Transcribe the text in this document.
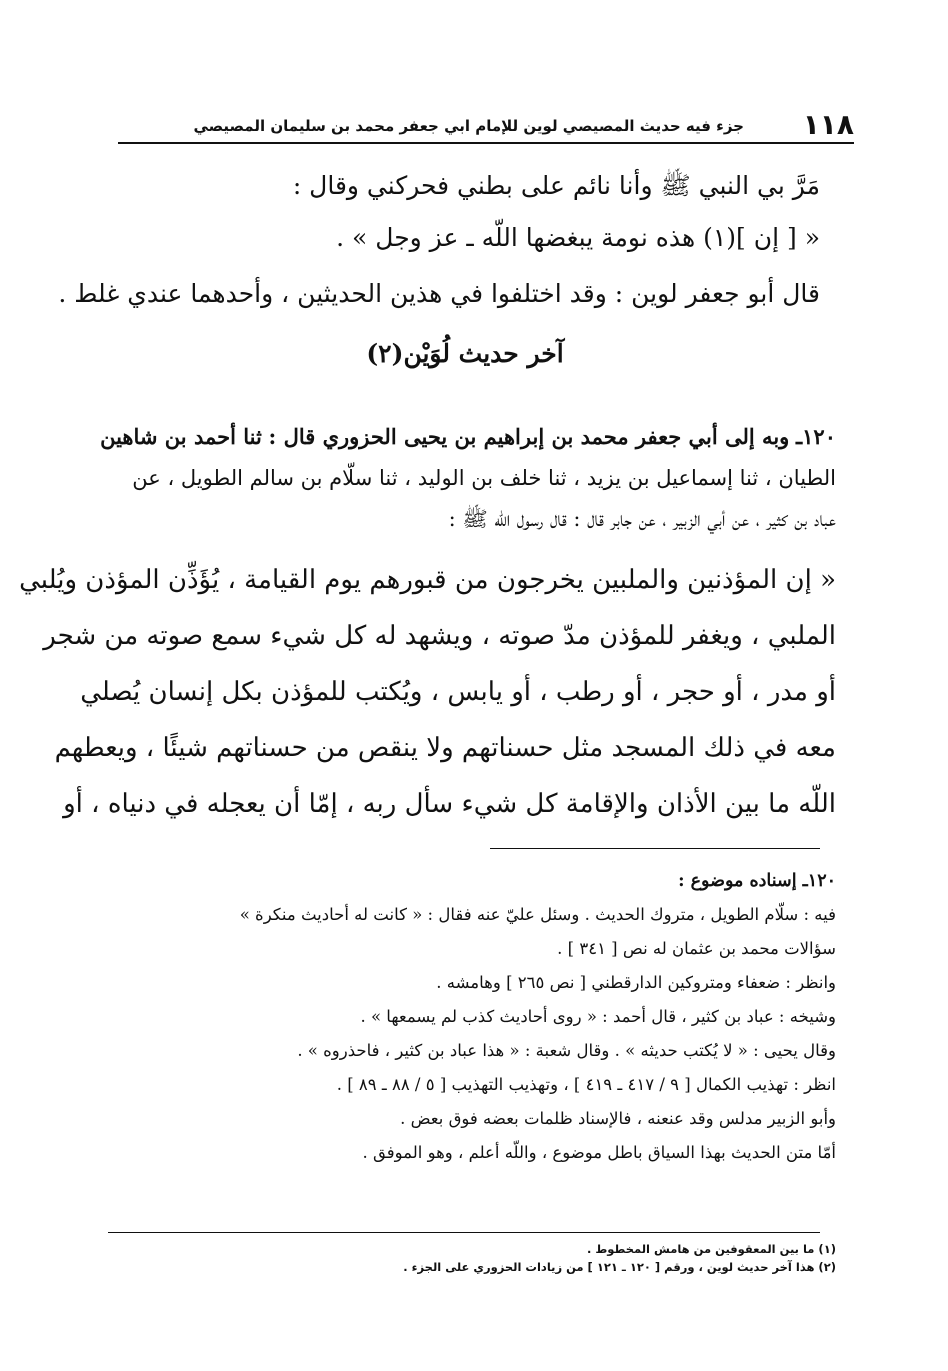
١١٨
جزء فيه حديث المصيصي لوين للإمام ابي جعفر محمد بن سليمان المصيصي
مَرَّ بي النبي ﷺ وأنا نائم على بطني فحركني وقال :
« [ إن ](١) هذه نومة يبغضها اللّه ـ عز وجل » .
قال أبو جعفر لوين : وقد اختلفوا في هذين الحديثين ، وأحدهما عندي غلط .
آخر حديث لُوَيْن(٢)
١٢٠ـ وبه إلى أبي جعفر محمد بن إبراهيم بن يحيى الحزوري قال : ثنا أحمد بن شاهين
الطيان ، ثنا إسماعيل بن يزيد ، ثنا خلف بن الوليد ، ثنا سلّام بن سالم الطويل ، عن
عباد بن كثير ، عن أبي الزبير ، عن جابر قال : قال رسول اللّه ﷺ :
« إن المؤذنين والملبين يخرجون من قبورهم يوم القيامة ، يُؤَذِّن المؤذن ويُلبي
الملبي ، ويغفر للمؤذن مدّ صوته ، ويشهد له كل شيء سمع صوته من شجر
أو مدر ، أو حجر ، أو رطب ، أو يابس ، ويُكتب للمؤذن بكل إنسان يُصلي
معه في ذلك المسجد مثل حسناتهم ولا ينقص من حسناتهم شيئًا ، ويعطهم
اللّه ما بين الأذان والإقامة كل شيء سأل ربه ، إمّا أن يعجله في دنياه ، أو
١٢٠ـ إسناده موضوع :
فيه : سلّام الطويل ، متروك الحديث . وسئل عليّ عنه فقال : « كانت له أحاديث منكرة »
سؤالات محمد بن عثمان له نص [ ٣٤١ ] .
وانظر : ضعفاء ومتروكين الدارقطني [ نص ٢٦٥ ] وهامشه .
وشيخه : عباد بن كثير ، قال أحمد : « روى أحاديث كذب لم يسمعها » .
وقال يحيى : « لا يُكتب حديثه » . وقال شعبة : « هذا عباد بن كثير ، فاحذروه » .
انظر : تهذيب الكمال [ ٩ / ٤١٧ ـ ٤١٩ ] ، وتهذيب التهذيب [ ٥ / ٨٨ ـ ٨٩ ] .
وأبو الزبير مدلس وقد عنعنه ، فالإسناد ظلمات بعضه فوق بعض .
أمّا متن الحديث بهذا السياق باطل موضوع ، واللّه أعلم ، وهو الموفق .
(١) ما بين المعقوفين من هامش المخطوط .
(٢) هذا آخر حديث لوين ، ورقم [ ١٢٠ ـ ١٢١ ] من زيادات الحزوري على الجزء .
